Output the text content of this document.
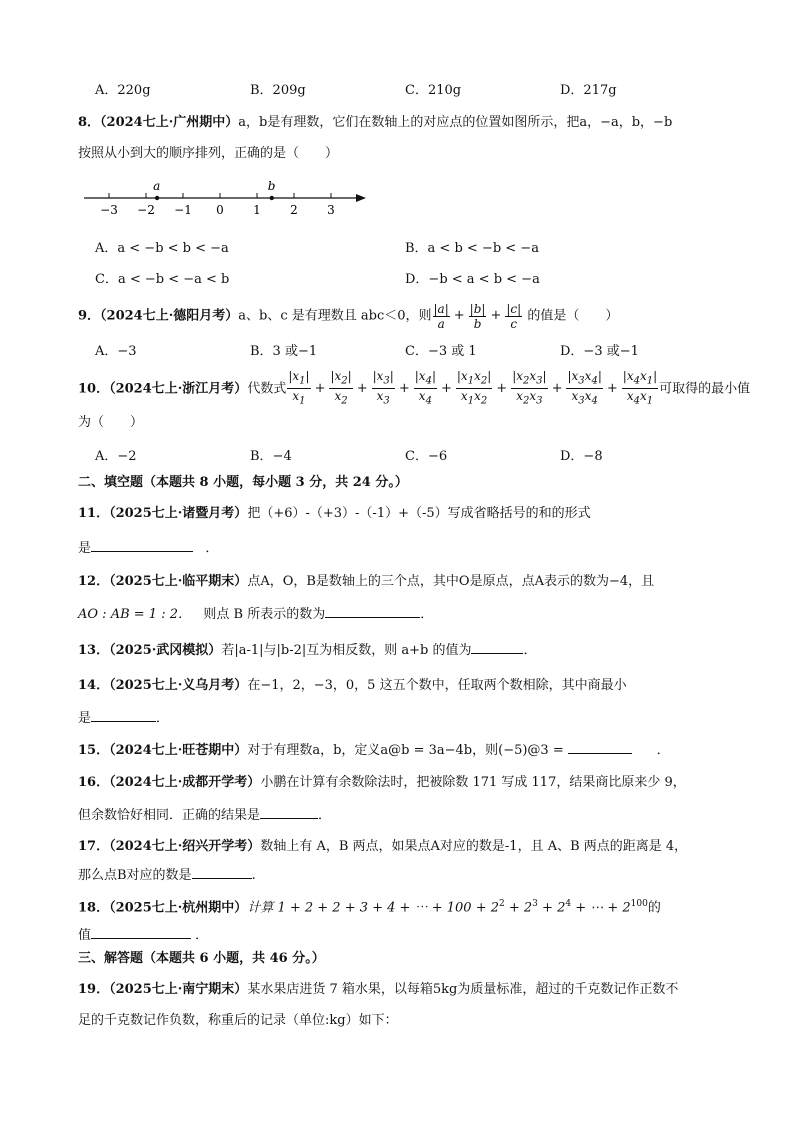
A．220g	B．209g	C．210g	D．217g
8．（2024七上·广州期中）a，b是有理数，它们在数轴上的对应点的位置如图所示，把a，−a，b，−b
按照从小到大的顺序排列，正确的是（　　）
−3 −2 −1 0 1 2 3
a	b
A．a < −b < b < −a	B．a < b < −b < −a
C．a < −b < −a < b	D．−b < a < b < −a
9．（2024七上·德阳月考）a、b、c 是有理数且 abc＜0，则 $\frac{|a|}{a} + \frac{|b|}{b} + \frac{|c|}{c}$ 的值是（　　）
A．−3	B．3 或−1	C．−3 或 1	D．−3 或−1
10．（2024七上·浙江月考）代数式 $\frac{|x_1|}{x_1} + \frac{|x_2|}{x_2} + \frac{|x_3|}{x_3} + \frac{|x_4|}{x_4} + \frac{|x_1x_2|}{x_1x_2} + \frac{|x_2x_3|}{x_2x_3} + \frac{|x_3x_4|}{x_3x_4} + \frac{|x_4x_1|}{x_4x_1}$ 可取得的最小值
为（　　）
A．−2	B．−4	C．−6	D．−8
二、填空题（本题共 8 小题，每小题 3 分，共 24 分。）
11．（2025七上·诸暨月考）把（+6）-（+3）-（-1）+（-5）写成省略括号的和的形式
是	．
12．（2025七上·临平期末）点A，O，B是数轴上的三个点，其中O是原点，点A表示的数为−4，且
AO : AB = 1 : 2． 则点 B 所表示的数为	．
13．（2025·武冈模拟）若|a-1|与|b-2|互为相反数，则 a+b 的值为	．
14．（2025七上·义乌月考）在−1，2，−3，0，5 这五个数中，任取两个数相除，其中商最小
是	．
15．（2024七上·旺苍期中）对于有理数a，b，定义a@b = 3a−4b，则(−5)@3 =	．
16．（2024七上·成都开学考）小鹏在计算有余数除法时，把被除数 171 写成 117，结果商比原来少 9，
但余数恰好相同．正确的结果是	．
17．（2024七上·绍兴开学考）数轴上有 A，B 两点，如果点A对应的数是-1，且 A、B 两点的距离是 4，
那么点B对应的数是	.
18．（2025七上·杭州期中）计算 1 + 2 + 2 + 3 + 4 + ⋯ + $100 + 2^2 + 2^3 + 2^4$ + ⋯ + $2^{100}$的
值	．
三、解答题（本题共 6 小题，共 46 分。）
19．（2025七上·南宁期末）某水果店进货 7 箱水果，以每箱5kg为质量标准，超过的千克数记作正数不
足的千克数记作负数，称重后的记录（单位:kg）如下：
